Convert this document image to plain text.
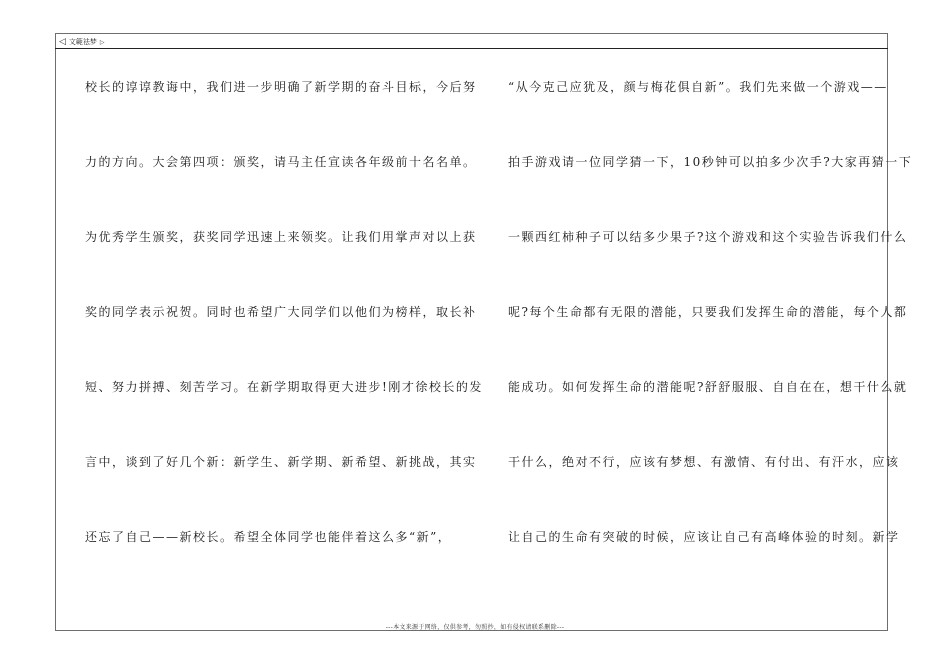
◁ 文範祛梦 ▷
校长的谆谆教诲中，我们进一步明确了新学期的奋斗目标，今后努
力的方向。大会第四项：颁奖，请马主任宣读各年级前十名名单。
为优秀学生颁奖，获奖同学迅速上来领奖。让我们用掌声对以上获
奖的同学表示祝贺。同时也希望广大同学们以他们为榜样，取长补
短、努力拼搏、刻苦学习。在新学期取得更大进步!刚才徐校长的发
言中，谈到了好几个新：新学生、新学期、新希望、新挑战，其实
还忘了自己——新校长。希望全体同学也能伴着这么多“新”，
“从今克己应犹及，颜与梅花俱自新”。我们先来做一个游戏——
拍手游戏请一位同学猜一下，10秒钟可以拍多少次手?大家再猜一下
一颗西红柿种子可以结多少果子?这个游戏和这个实验告诉我们什么
呢?每个生命都有无限的潜能，只要我们发挥生命的潜能，每个人都
能成功。如何发挥生命的潜能呢?舒舒服服、自自在在，想干什么就
干什么，绝对不行，应该有梦想、有激情、有付出、有汗水，应该
让自己的生命有突破的时候，应该让自己有高峰体验的时刻。新学
---本文来源于网络，仅供参考，勿照抄，如有侵权请联系删除---
